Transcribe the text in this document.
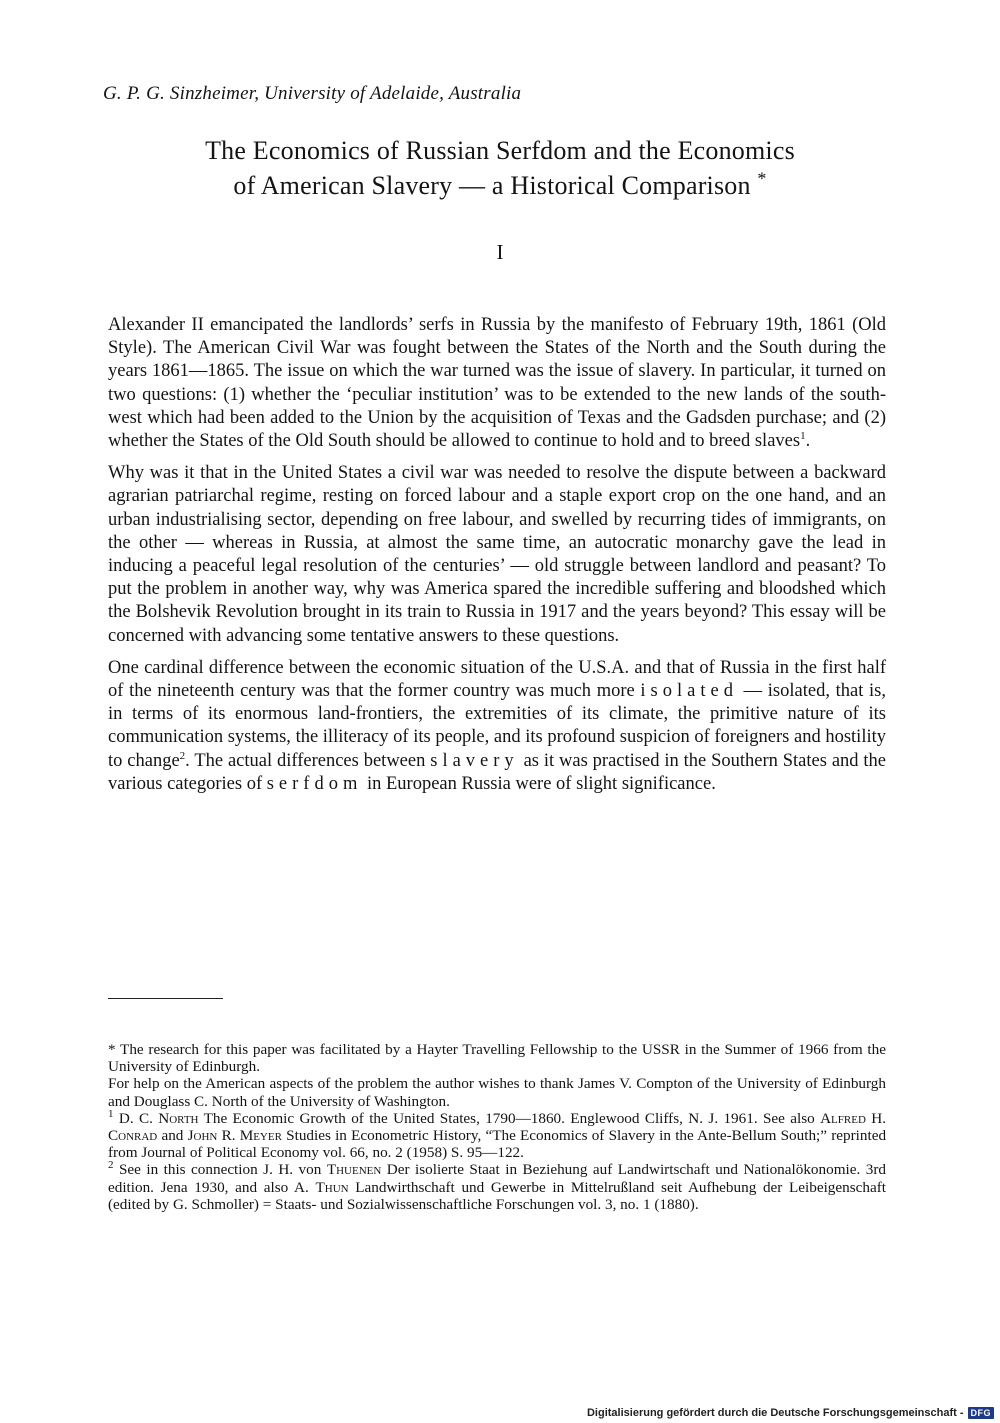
G. P. G. Sinzheimer, University of Adelaide, Australia
The Economics of Russian Serfdom and the Economics
of American Slavery — a Historical Comparison *
I

Alexander II emancipated the landlords’ serfs in Russia by the manifesto of February 19th, 1861 (Old Style). The American Civil War was fought between the States of the North and the South during the years 1861—1865. The issue on which the war turned was the issue of slavery. In particular, it turned on two questions: (1) whether the ‘peculiar institution’ was to be extended to the new lands of the south-west which had been added to the Union by the acquisition of Texas and the Gadsden purchase; and (2) whether the States of the Old South should be allowed to continue to hold and to breed slaves$^1$.

Why was it that in the United States a civil war was needed to resolve the dispute between a backward agrarian patriarchal regime, resting on forced labour and a staple export crop on the one hand, and an urban industrialising sector, depending on free labour, and swelled by recurring tides of immigrants, on the other — whereas in Russia, at almost the same time, an autocratic monarchy gave the lead in inducing a peaceful legal resolution of the centuries’ — old struggle between landlord and peasant? To put the problem in another way, why was America spared the incredible suffering and bloodshed which the Bolshevik Revolution brought in its train to Russia in 1917 and the years beyond? This essay will be concerned with advancing some tentative answers to these questions.

One cardinal difference between the economic situation of the U.S.A. and that of Russia in the first half of the nineteenth century was that the former country was much more isolated — isolated, that is, in terms of its enormous land-frontiers, the extremities of its climate, the primitive nature of its communication systems, the illiteracy of its people, and its profound suspicion of foreigners and hostility to change$^2$. The actual differences between slavery as it was practised in the Southern States and the various categories of serfdom in European Russia were of slight significance.

* The research for this paper was facilitated by a Hayter Travelling Fellowship to the USSR in the Summer of 1966 from the University of Edinburgh.

For help on the American aspects of the problem the author wishes to thank James V. Compton of the University of Edinburgh and Douglass C. North of the University of Washington.

$^1$ D. C. North The Economic Growth of the United States, 1790—1860. Englewood Cliffs, N. J. 1961. See also Alfred H. Conrad and John R. Meyer Studies in Econometric History, “The Economics of Slavery in the Ante-Bellum South;” reprinted from Journal of Political Economy vol. 66, no. 2 (1958) S. 95—122.

$^2$ See in this connection J. H. von Thuenen Der isolierte Staat in Beziehung auf Landwirtschaft und Nationalökonomie. 3rd edition. Jena 1930, and also A. Thun Landwirthschaft und Gewerbe in Mittelrußland seit Aufhebung der Leibeigenschaft (edited by G. Schmoller) = Staats- und Sozialwissenschaftliche Forschungen vol. 3, no. 1 (1880).

Digitalisierung gefördert durch die Deutsche Forschungsgemeinschaft - DFG
